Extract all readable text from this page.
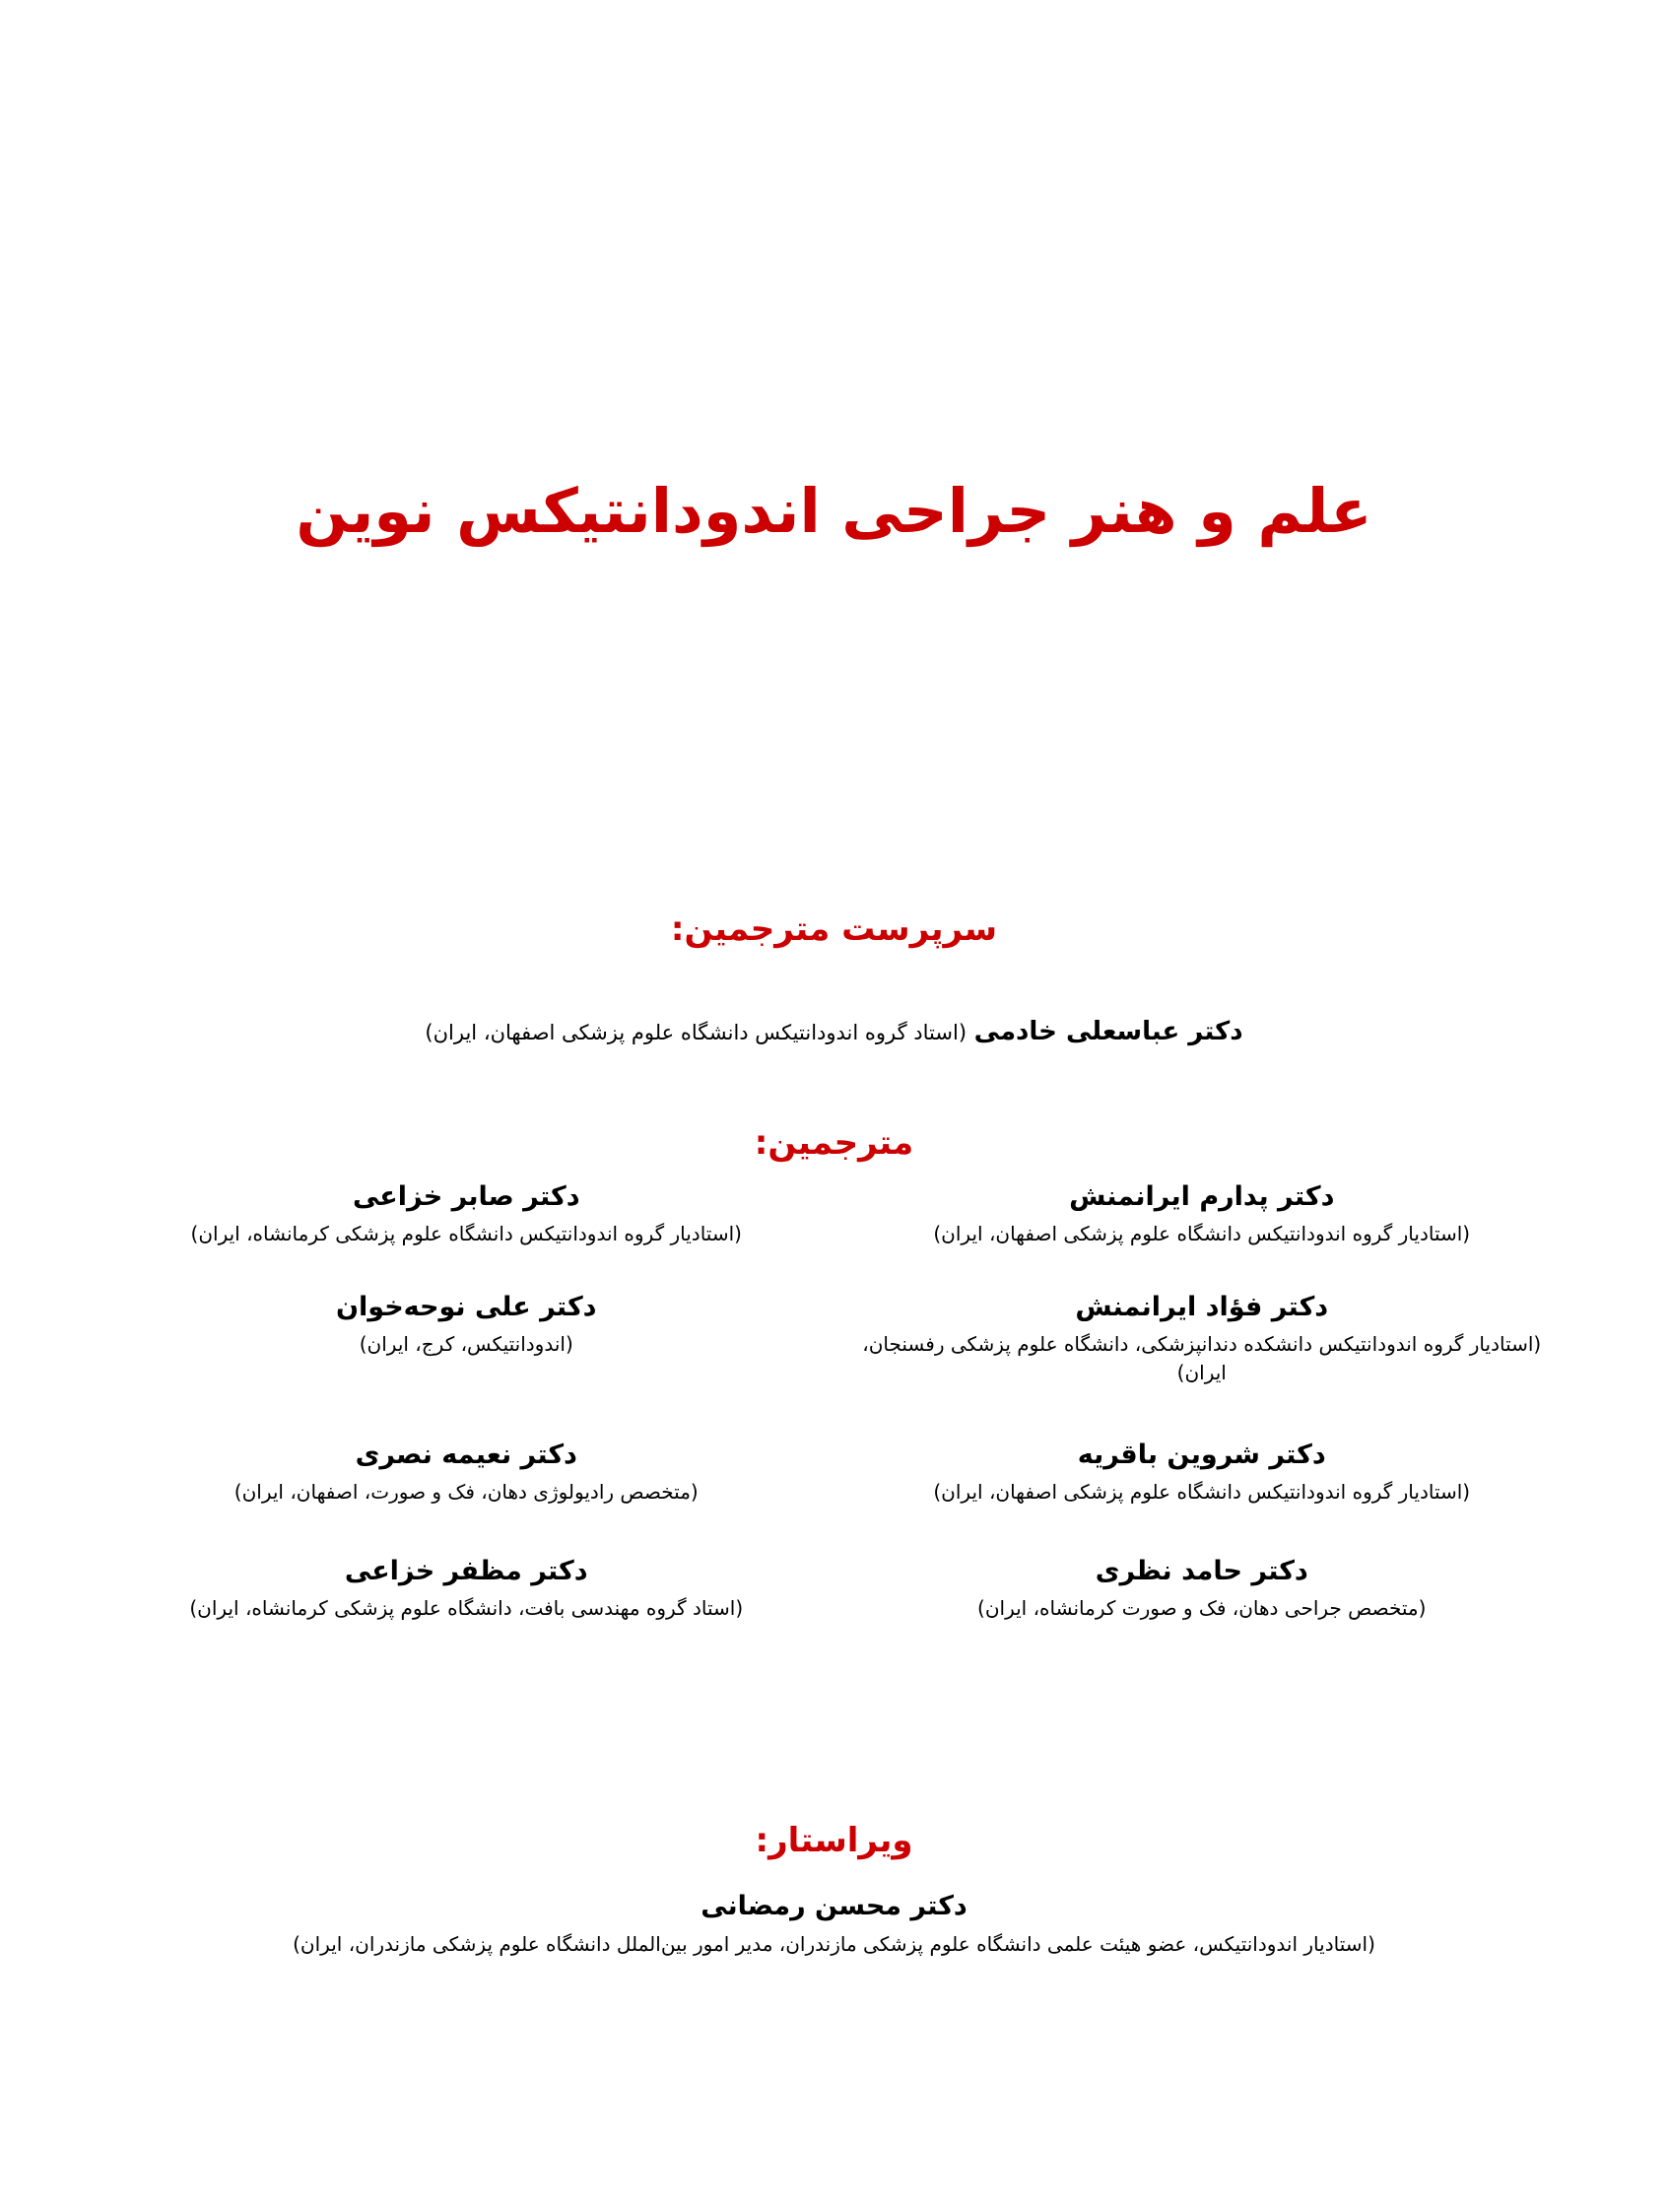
علم و هنر جراحی اندودانتیکس نوین
سرپرست مترجمین:

دکتر عباسعلی خادمی (استاد گروه اندودانتیکس دانشگاه علوم پزشکی اصفهان، ایران)

مترجمین:
دکتر پدارم ایرانمنش
(استادیار گروه اندودانتیکس دانشگاه علوم پزشکی اصفهان، ایران)
دکتر صابر خزاعی
(استادیار گروه اندودانتیکس دانشگاه علوم پزشکی کرمانشاه، ایران)
دکتر فؤاد ایرانمنش
(استادیار گروه اندودانتیکس دانشکده دندانپزشکی، دانشگاه علوم پزشکی رفسنجان، ایران)
دکتر علی نوحه‌خوان
(اندودانتیکس، کرج، ایران)
دکتر شروین باقریه
(استادیار گروه اندودانتیکس دانشگاه علوم پزشکی اصفهان، ایران)
دکتر نعیمه نصری
(متخصص رادیولوژی دهان، فک و صورت، اصفهان، ایران)
دکتر حامد نظری
(متخصص جراحی دهان، فک و صورت کرمانشاه، ایران)
دکتر مظفر خزاعی
(استاد گروه مهندسی بافت، دانشگاه علوم پزشکی کرمانشاه، ایران)
ویراستار:
دکتر محسن رمضانی
(استادیار اندودانتیکس، عضو هیئت علمی دانشگاه علوم پزشکی مازندران، مدیر امور بین‌الملل دانشگاه علوم پزشکی مازندران، ایران)
